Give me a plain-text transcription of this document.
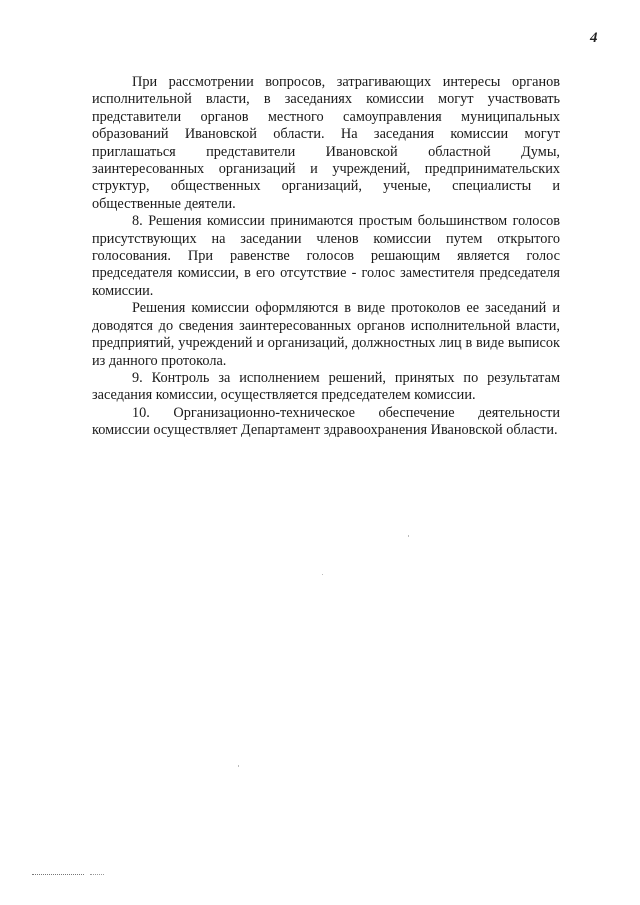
4

При рассмотрении вопросов, затрагивающих интересы органов исполнительной власти, в заседаниях комиссии могут участвовать представители органов местного самоуправления муниципальных образований Ивановской области. На заседания комиссии могут приглашаться представители Ивановской областной Думы, заинтересованных организаций и учреждений, предпринимательских структур, общественных организаций, ученые, специалисты и общественные деятели.

8. Решения комиссии принимаются простым большинством голосов присутствующих на заседании членов комиссии путем открытого голосования. При равенстве голосов решающим является голос председателя комиссии, в его отсутствие - голос заместителя председателя комиссии.

Решения комиссии оформляются в виде протоколов ее заседаний и доводятся до сведения заинтересованных органов исполнительной власти, предприятий, учреждений и организаций, должностных лиц в виде выписок из данного протокола.

9. Контроль за исполнением решений, принятых по результатам заседания комиссии, осуществляется председателем комиссии.

10. Организационно-техническое обеспечение деятельности комиссии осуществляет Департамент здравоохранения Ивановской области.
